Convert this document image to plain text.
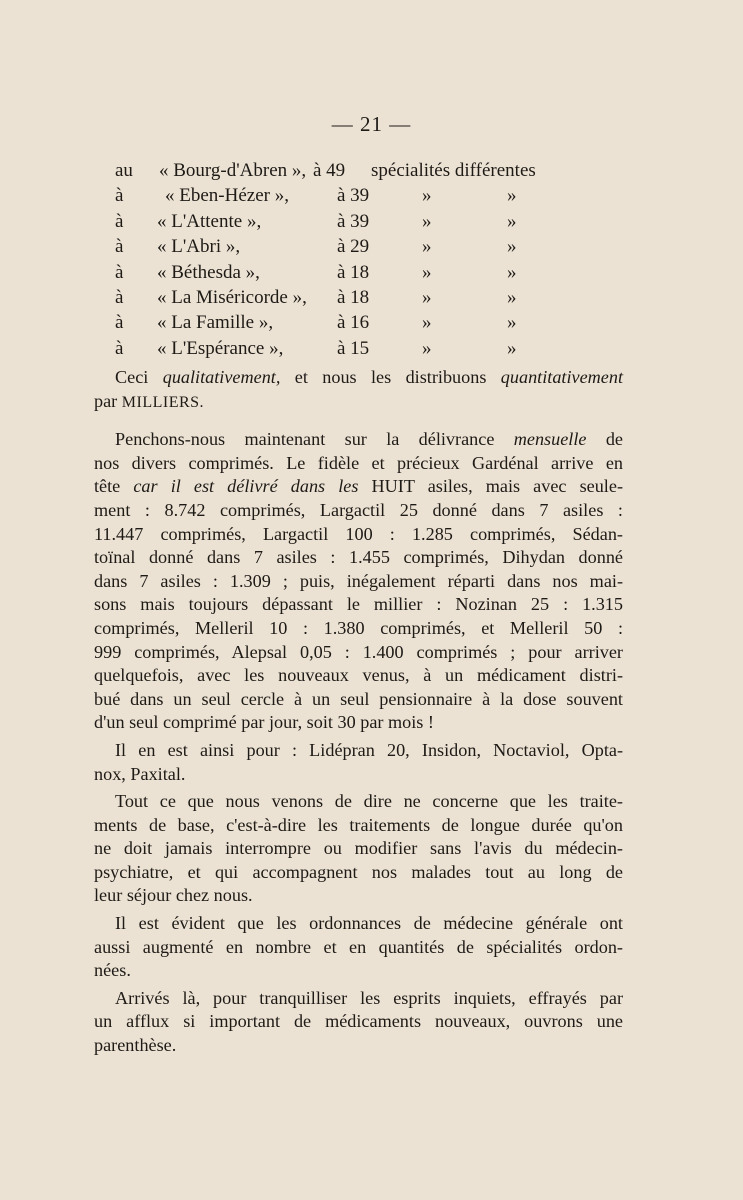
— 21 —
au « Bourg-d'Abren », à 49 spécialités différentes
à « Eben-Hézer »,	à 39	»	»
à « L'Attente »,	à 39	»	»
à « L'Abri »,	à 29	»	»
à « Béthesda »,	à 18	»	»
à « La Miséricorde », à 18	»	»
à « La Famille »,	à 16	»	»
à « L'Espérance »,	à 15	»	»

Ceci qualitativement, et nous les distribuons quantitativement
par MILLIERS.

Penchons-nous maintenant sur la délivrance mensuelle de
nos divers comprimés. Le fidèle et précieux Gardénal arrive en
tête car il est délivré dans les HUIT asiles, mais avec seule-
ment : 8.742 comprimés, Largactil 25 donné dans 7 asiles :
11.447 comprimés, Largactil 100 : 1.285 comprimés, Sédan-
toïnal donné dans 7 asiles : 1.455 comprimés, Dihydan donné
dans 7 asiles : 1.309 ; puis, inégalement réparti dans nos mai-
sons mais toujours dépassant le millier : Nozinan 25 : 1.315
comprimés, Melleril 10 : 1.380 comprimés, et Melleril 50 :
999 comprimés, Alepsal 0,05 : 1.400 comprimés ; pour arriver
quelquefois, avec les nouveaux venus, à un médicament distri-
bué dans un seul cercle à un seul pensionnaire à la dose souvent
d'un seul comprimé par jour, soit 30 par mois !

Il en est ainsi pour : Lidépran 20, Insidon, Noctaviol, Opta-
nox, Paxital.

Tout ce que nous venons de dire ne concerne que les traite-
ments de base, c'est-à-dire les traitements de longue durée qu'on
ne doit jamais interrompre ou modifier sans l'avis du médecin-
psychiatre, et qui accompagnent nos malades tout au long de
leur séjour chez nous.

Il est évident que les ordonnances de médecine générale ont
aussi augmenté en nombre et en quantités de spécialités ordon-
nées.

Arrivés là, pour tranquilliser les esprits inquiets, effrayés par
un afflux si important de médicaments nouveaux, ouvrons une
parenthèse.
